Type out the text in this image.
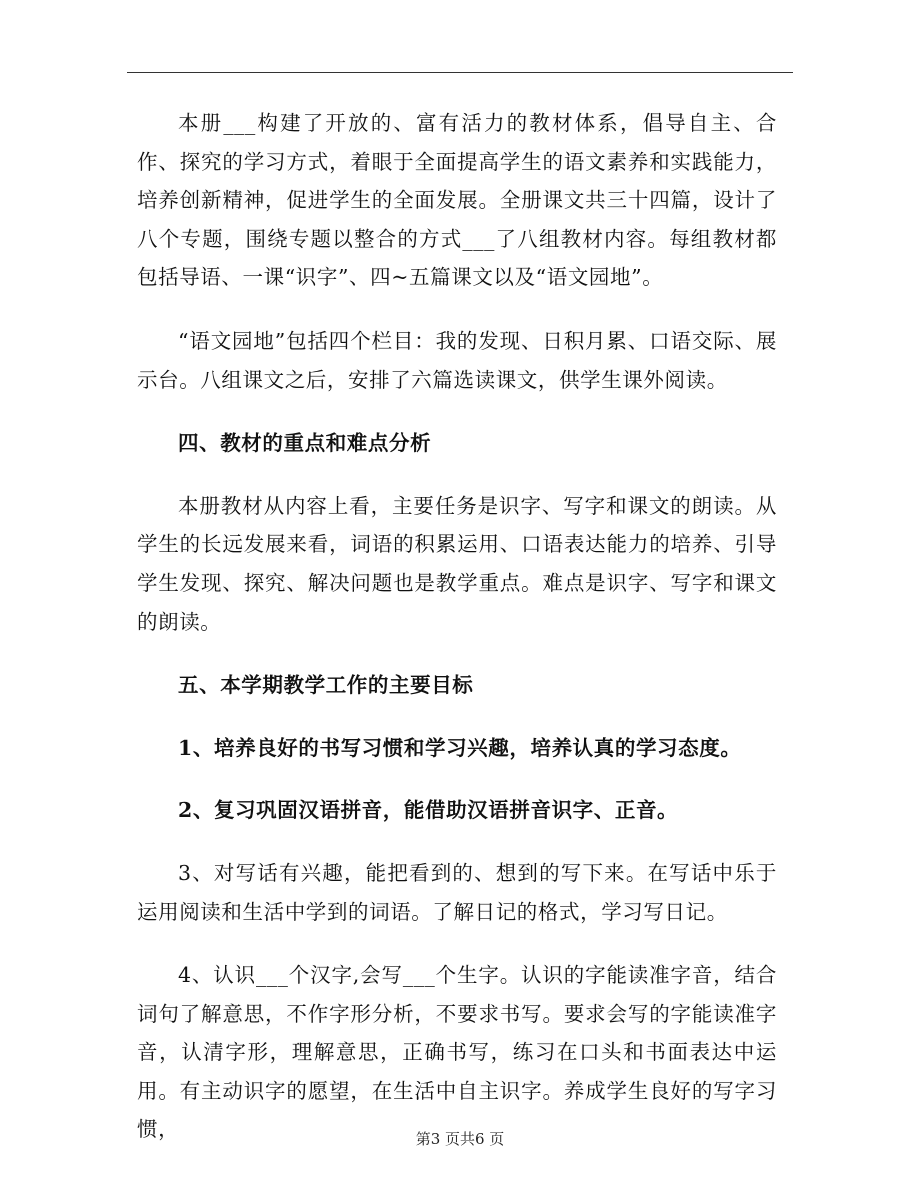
本册___构建了开放的、富有活力的教材体系，倡导自主、合作、探究的学习方式，着眼于全面提高学生的语文素养和实践能力，培养创新精神，促进学生的全面发展。全册课文共三十四篇，设计了八个专题，围绕专题以整合的方式___了八组教材内容。每组教材都包括导语、一课“识字”、四~五篇课文以及“语文园地”。

“语文园地”包括四个栏目：我的发现、日积月累、口语交际、展示台。八组课文之后，安排了六篇选读课文，供学生课外阅读。

四、教材的重点和难点分析

本册教材从内容上看，主要任务是识字、写字和课文的朗读。从学生的长远发展来看，词语的积累运用、口语表达能力的培养、引导学生发现、探究、解决问题也是教学重点。难点是识字、写字和课文的朗读。

五、本学期教学工作的主要目标

1、培养良好的书写习惯和学习兴趣，培养认真的学习态度。

2、复习巩固汉语拼音，能借助汉语拼音识字、正音。

3、对写话有兴趣，能把看到的、想到的写下来。在写话中乐于运用阅读和生活中学到的词语。了解日记的格式，学习写日记。

4、认识___个汉字,会写___个生字。认识的字能读准字音，结合词句了解意思，不作字形分析，不要求书写。要求会写的字能读准字音，认清字形，理解意思，正确书写，练习在口头和书面表达中运用。有主动识字的愿望，在生活中自主识字。养成学生良好的写字习惯，	第3 页共6 页
